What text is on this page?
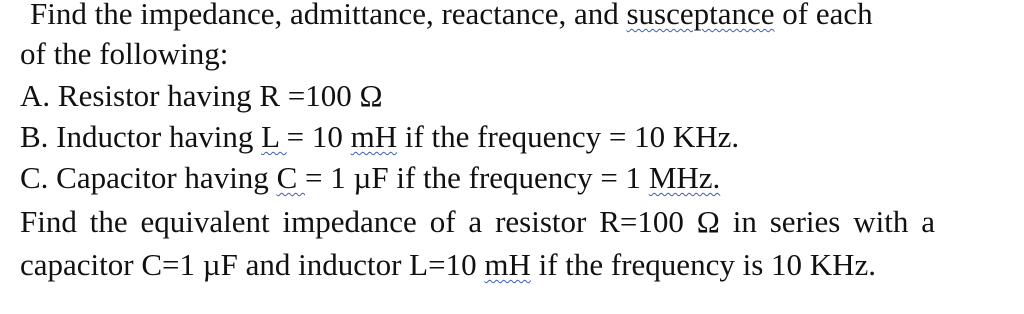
Find the impedance, admittance, reactance, and susceptance of each
of the following:
A. Resistor having R =100 Ω
B. Inductor having L = 10 mH if the frequency = 10 KHz.
C. Capacitor having C = 1 µF if the frequency = 1 MHz.
Find the equivalent impedance of a resistor R=100 Ω in series with a
capacitor C=1 µF and inductor L=10 mH if the frequency is 10 KHz.
